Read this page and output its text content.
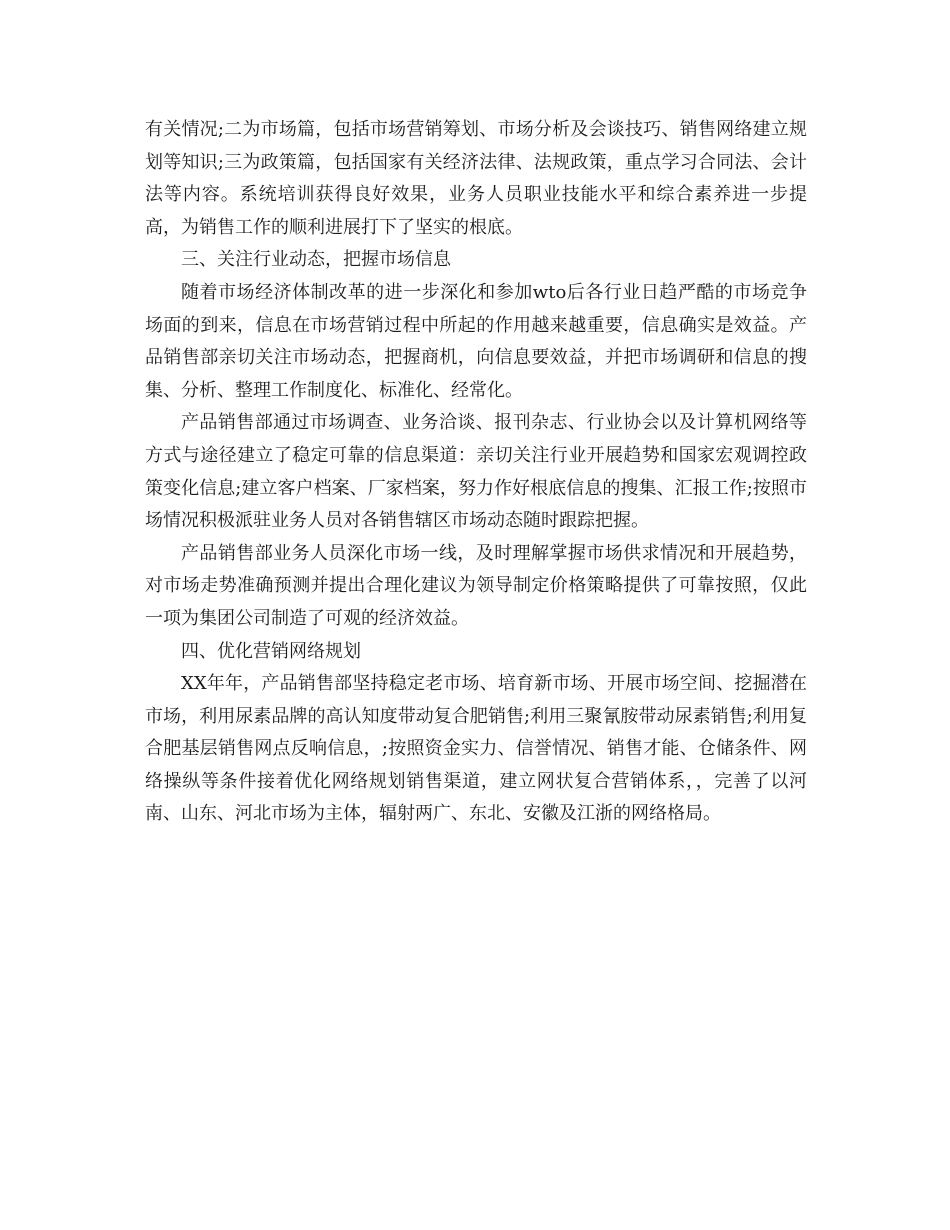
有关情况;二为市场篇，包括市场营销筹划、市场分析及会谈技巧、销售网络建立规划等知识;三为政策篇，包括国家有关经济法律、法规政策，重点学习合同法、会计法等内容。系统培训获得良好效果，业务人员职业技能水平和综合素养进一步提高，为销售工作的顺利进展打下了坚实的根底。

三、关注行业动态，把握市场信息

随着市场经济体制改革的进一步深化和参加wto后各行业日趋严酷的市场竞争场面的到来，信息在市场营销过程中所起的作用越来越重要，信息确实是效益。产品销售部亲切关注市场动态，把握商机，向信息要效益，并把市场调研和信息的搜集、分析、整理工作制度化、标准化、经常化。

产品销售部通过市场调查、业务洽谈、报刊杂志、行业协会以及计算机网络等方式与途径建立了稳定可靠的信息渠道：亲切关注行业开展趋势和国家宏观调控政策变化信息;建立客户档案、厂家档案，努力作好根底信息的搜集、汇报工作;按照市场情况积极派驻业务人员对各销售辖区市场动态随时跟踪把握。

产品销售部业务人员深化市场一线，及时理解掌握市场供求情况和开展趋势，对市场走势准确预测并提出合理化建议为领导制定价格策略提供了可靠按照，仅此一项为集团公司制造了可观的经济效益。

四、优化营销网络规划

XX年年，产品销售部坚持稳定老市场、培育新市场、开展市场空间、挖掘潜在市场，利用尿素品牌的高认知度带动复合肥销售;利用三聚氰胺带动尿素销售;利用复合肥基层销售网点反响信息，;按照资金实力、信誉情况、销售才能、仓储条件、网络操纵等条件接着优化网络规划销售渠道，建立网状复合营销体系，，完善了以河南、山东、河北市场为主体，辐射两广、东北、安徽及江浙的网络格局。
